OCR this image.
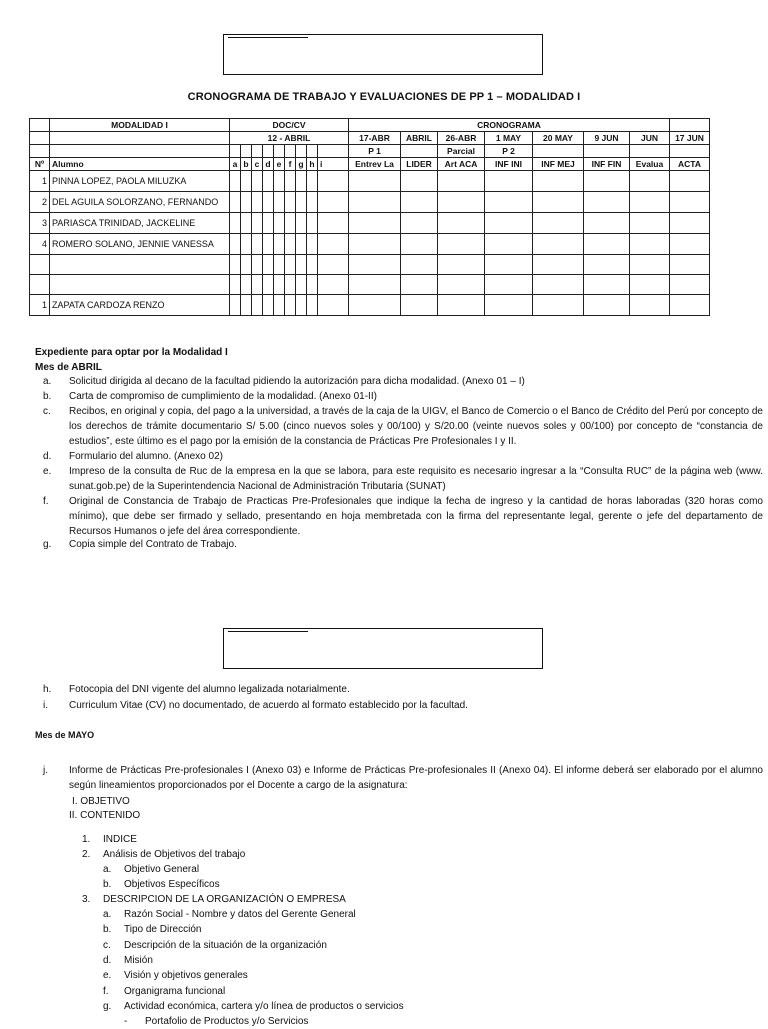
CRONOGRAMA DE TRABAJO Y EVALUACIONES DE PP 1 – MODALIDAD I
	MODALIDAD I	DOC/CV									CRONOGRAMA							
		12 - ABRIL									17-ABR	ABRIL	26-ABR	1 MAY	20 MAY	9 JUN	JUN	17 JUN
											P 1		Parcial	P 2				
Nº	Alumno	a	b	c	d	e	f	g	h	i	Entrev La	LIDER	Art ACA	INF INI	INF MEJ	INF FIN	Evalua	ACTA
1	PINNA LOPEZ, PAOLA MILUZKA																	
2	DEL AGUILA SOLORZANO, FERNANDO																	
3	PARIASCA TRINIDAD, JACKELINE																	
4	ROMERO SOLANO, JENNIE VANESSA																	

1	ZAPATA CARDOZA RENZO																	
Expediente para optar por la Modalidad I
Mes de ABRIL
a.	Solicitud dirigida al decano de la facultad pidiendo la autorización para dicha modalidad. (Anexo 01 – I)
b.	Carta de compromiso de cumplimiento de la modalidad. (Anexo 01-II)
c.	Recibos, en original y copia, del pago a la universidad, a través de la caja de la UIGV, el Banco de Comercio o el Banco de Crédito del Perú por concepto de los derechos de trámite documentario S/ 5.00 (cinco nuevos soles y 00/100) y S/20.00 (veinte nuevos soles y 00/100) por concepto de “constancia de estudios”, este último es el pago por la emisión de la constancia de Prácticas Pre Profesionales I y II.
d.	Formulario del alumno. (Anexo 02)
e.	Impreso de la consulta de Ruc de la empresa en la que se labora, para este requisito es necesario ingresar a la “Consulta RUC” de la página web (www. sunat.gob.pe) de la Superintendencia Nacional de Administración Tributaria (SUNAT)
f.	Original de Constancia de Trabajo de Practicas Pre-Profesionales que indique la fecha de ingreso y la cantidad de horas laboradas (320 horas como mínimo), que debe ser firmado y sellado, presentando en hoja membretada con la firma del representante legal, gerente o jefe del departamento de Recursos Humanos o jefe del área correspondiente.
g.	Copia simple del Contrato de Trabajo.
h.	Fotocopia del DNI vigente del alumno legalizada notarialmente.
i.	Curriculum Vitae (CV) no documentado, de acuerdo al formato establecido por la facultad.
Mes de MAYO
j.	Informe de Prácticas Pre-profesionales I (Anexo 03) e Informe de Prácticas Pre-profesionales II (Anexo 04). El informe deberá ser elaborado por el alumno según lineamientos proporcionados por el Docente a cargo de la asignatura:
I. OBJETIVO
II. CONTENIDO
1. INDICE
2. Análisis de Objetivos del trabajo
a. Objetivo General
b. Objetivos Específicos
3. DESCRIPCION DE LA ORGANIZACIÓN O EMPRESA
a. Razón Social - Nombre y datos del Gerente General
b. Tipo de Dirección
c. Descripción de la situación de la organización
d. Misión
e. Visión y objetivos generales
f. Organigrama funcional
g. Actividad económica, cartera y/o línea de productos o servicios
- Portafolio de Productos y/o Servicios
